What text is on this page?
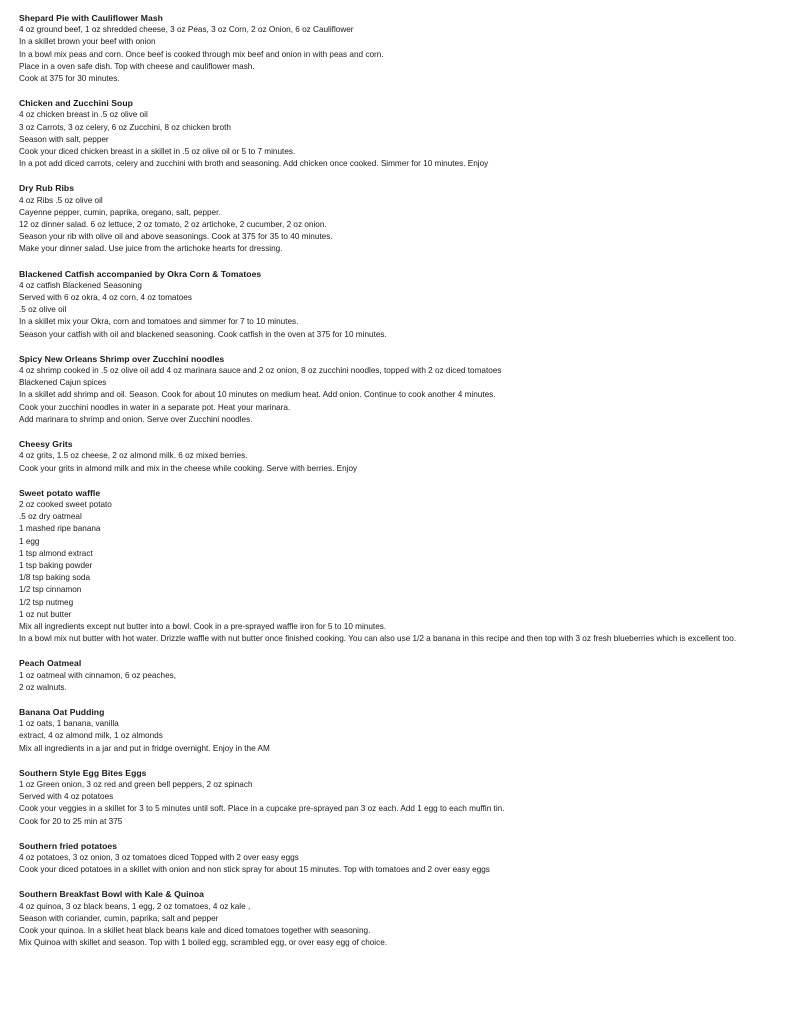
Shepard Pie with Cauliflower Mash
4 oz ground beef, 1 oz shredded cheese, 3 oz Peas, 3 oz Corn, 2 oz Onion, 6 oz Cauliflower
In a skillet brown your beef with onion
In a bowl mix peas and corn. Once beef is cooked through mix beef and onion in with peas and corn.
Place in a oven safe dish. Top with cheese and cauliflower mash.
Cook at 375 for 30 minutes.
Chicken and Zucchini Soup
4 oz chicken breast in .5 oz olive oil
3 oz Carrots, 3 oz celery, 6 oz Zucchini, 8 oz chicken broth
Season with salt, pepper
Cook your diced chicken breast in a skillet in .5 oz olive oil or 5 to 7 minutes.
In a pot add diced carrots, celery and zucchini with broth and seasoning. Add chicken once cooked. Simmer for 10 minutes. Enjoy
Dry Rub Ribs
4 oz Ribs .5 oz olive oil
Cayenne pepper, cumin, paprika, oregano, salt, pepper.
12 oz dinner salad. 6 oz lettuce, 2 oz tomato, 2 oz artichoke, 2 cucumber, 2 oz onion.
Season your rib with olive oil and above seasonings. Cook at 375 for 35 to 40 minutes.
Make your dinner salad. Use juice from the artichoke hearts for dressing.
Blackened Catfish accompanied by Okra Corn & Tomatoes
4 oz catfish Blackened Seasoning
Served with 6 oz okra, 4 oz corn, 4 oz tomatoes
.5 oz olive oil
In a skillet mix your Okra, corn and tomatoes and simmer for 7 to 10 minutes.
Season your catfish with oil and blackened seasoning. Cook catfish in the oven at 375 for 10 minutes.
Spicy New Orleans Shrimp over Zucchini noodles
4 oz shrimp cooked in .5 oz olive oil add 4 oz marinara sauce and 2 oz onion, 8 oz zucchini noodles, topped with 2 oz diced tomatoes
Blackened Cajun spices
In a skillet add shrimp and oil. Season. Cook for about 10 minutes on medium heat. Add onion. Continue to cook another 4 minutes.
Cook your zucchini noodles in water in a separate pot. Heat your marinara.
Add marinara to shrimp and onion. Serve over Zucchini noodles.
Cheesy Grits
4 oz grits, 1.5 oz cheese, 2 oz almond milk. 6 oz mixed berries.
Cook your grits in almond milk and mix in the cheese while cooking. Serve with berries. Enjoy
Sweet potato waffle
2 oz cooked sweet potato
.5 oz dry oatmeal
1 mashed ripe banana
1 egg
1 tsp almond extract
1 tsp baking powder
1/8 tsp baking soda
1/2 tsp cinnamon
1/2 tsp nutmeg
1 oz nut butter
Mix all ingredients except nut butter into a bowl. Cook in a pre-sprayed waffle iron for 5 to 10 minutes.
In a bowl mix nut butter with hot water. Drizzle waffle with nut butter once finished cooking. You can also use 1/2 a banana in this recipe and then top with 3 oz fresh blueberries which is excellent too.
Peach Oatmeal
1 oz oatmeal with cinnamon, 6 oz peaches,
2 oz walnuts.
Banana Oat Pudding
1 oz oats, 1 banana, vanilla
extract, 4 oz almond milk, 1 oz almonds
Mix all ingredients in a jar and put in fridge overnight. Enjoy in the AM
Southern Style Egg Bites Eggs
1 oz Green onion, 3 oz red and green bell peppers, 2 oz spinach
Served with 4 oz potatoes
Cook your veggies in a skillet for 3 to 5 minutes until soft. Place in a cupcake pre-sprayed pan 3 oz each. Add 1 egg to each muffin tin.
Cook for 20 to 25 min at 375
Southern fried potatoes
4 oz potatoes, 3 oz onion, 3 oz tomatoes diced Topped with 2 over easy eggs
Cook your diced potatoes in a skillet with onion and non stick spray for about 15 minutes. Top with tomatoes and 2 over easy eggs
Southern Breakfast Bowl with Kale & Quinoa
4 oz quinoa, 3 oz black beans, 1 egg, 2 oz tomatoes, 4 oz kale ,
Season with coriander, cumin, paprika, salt and pepper
Cook your quinoa. In a skillet heat black beans kale and diced tomatoes together with seasoning.
Mix Quinoa with skillet and season. Top with 1 boiled egg, scrambled egg, or over easy egg of choice.
